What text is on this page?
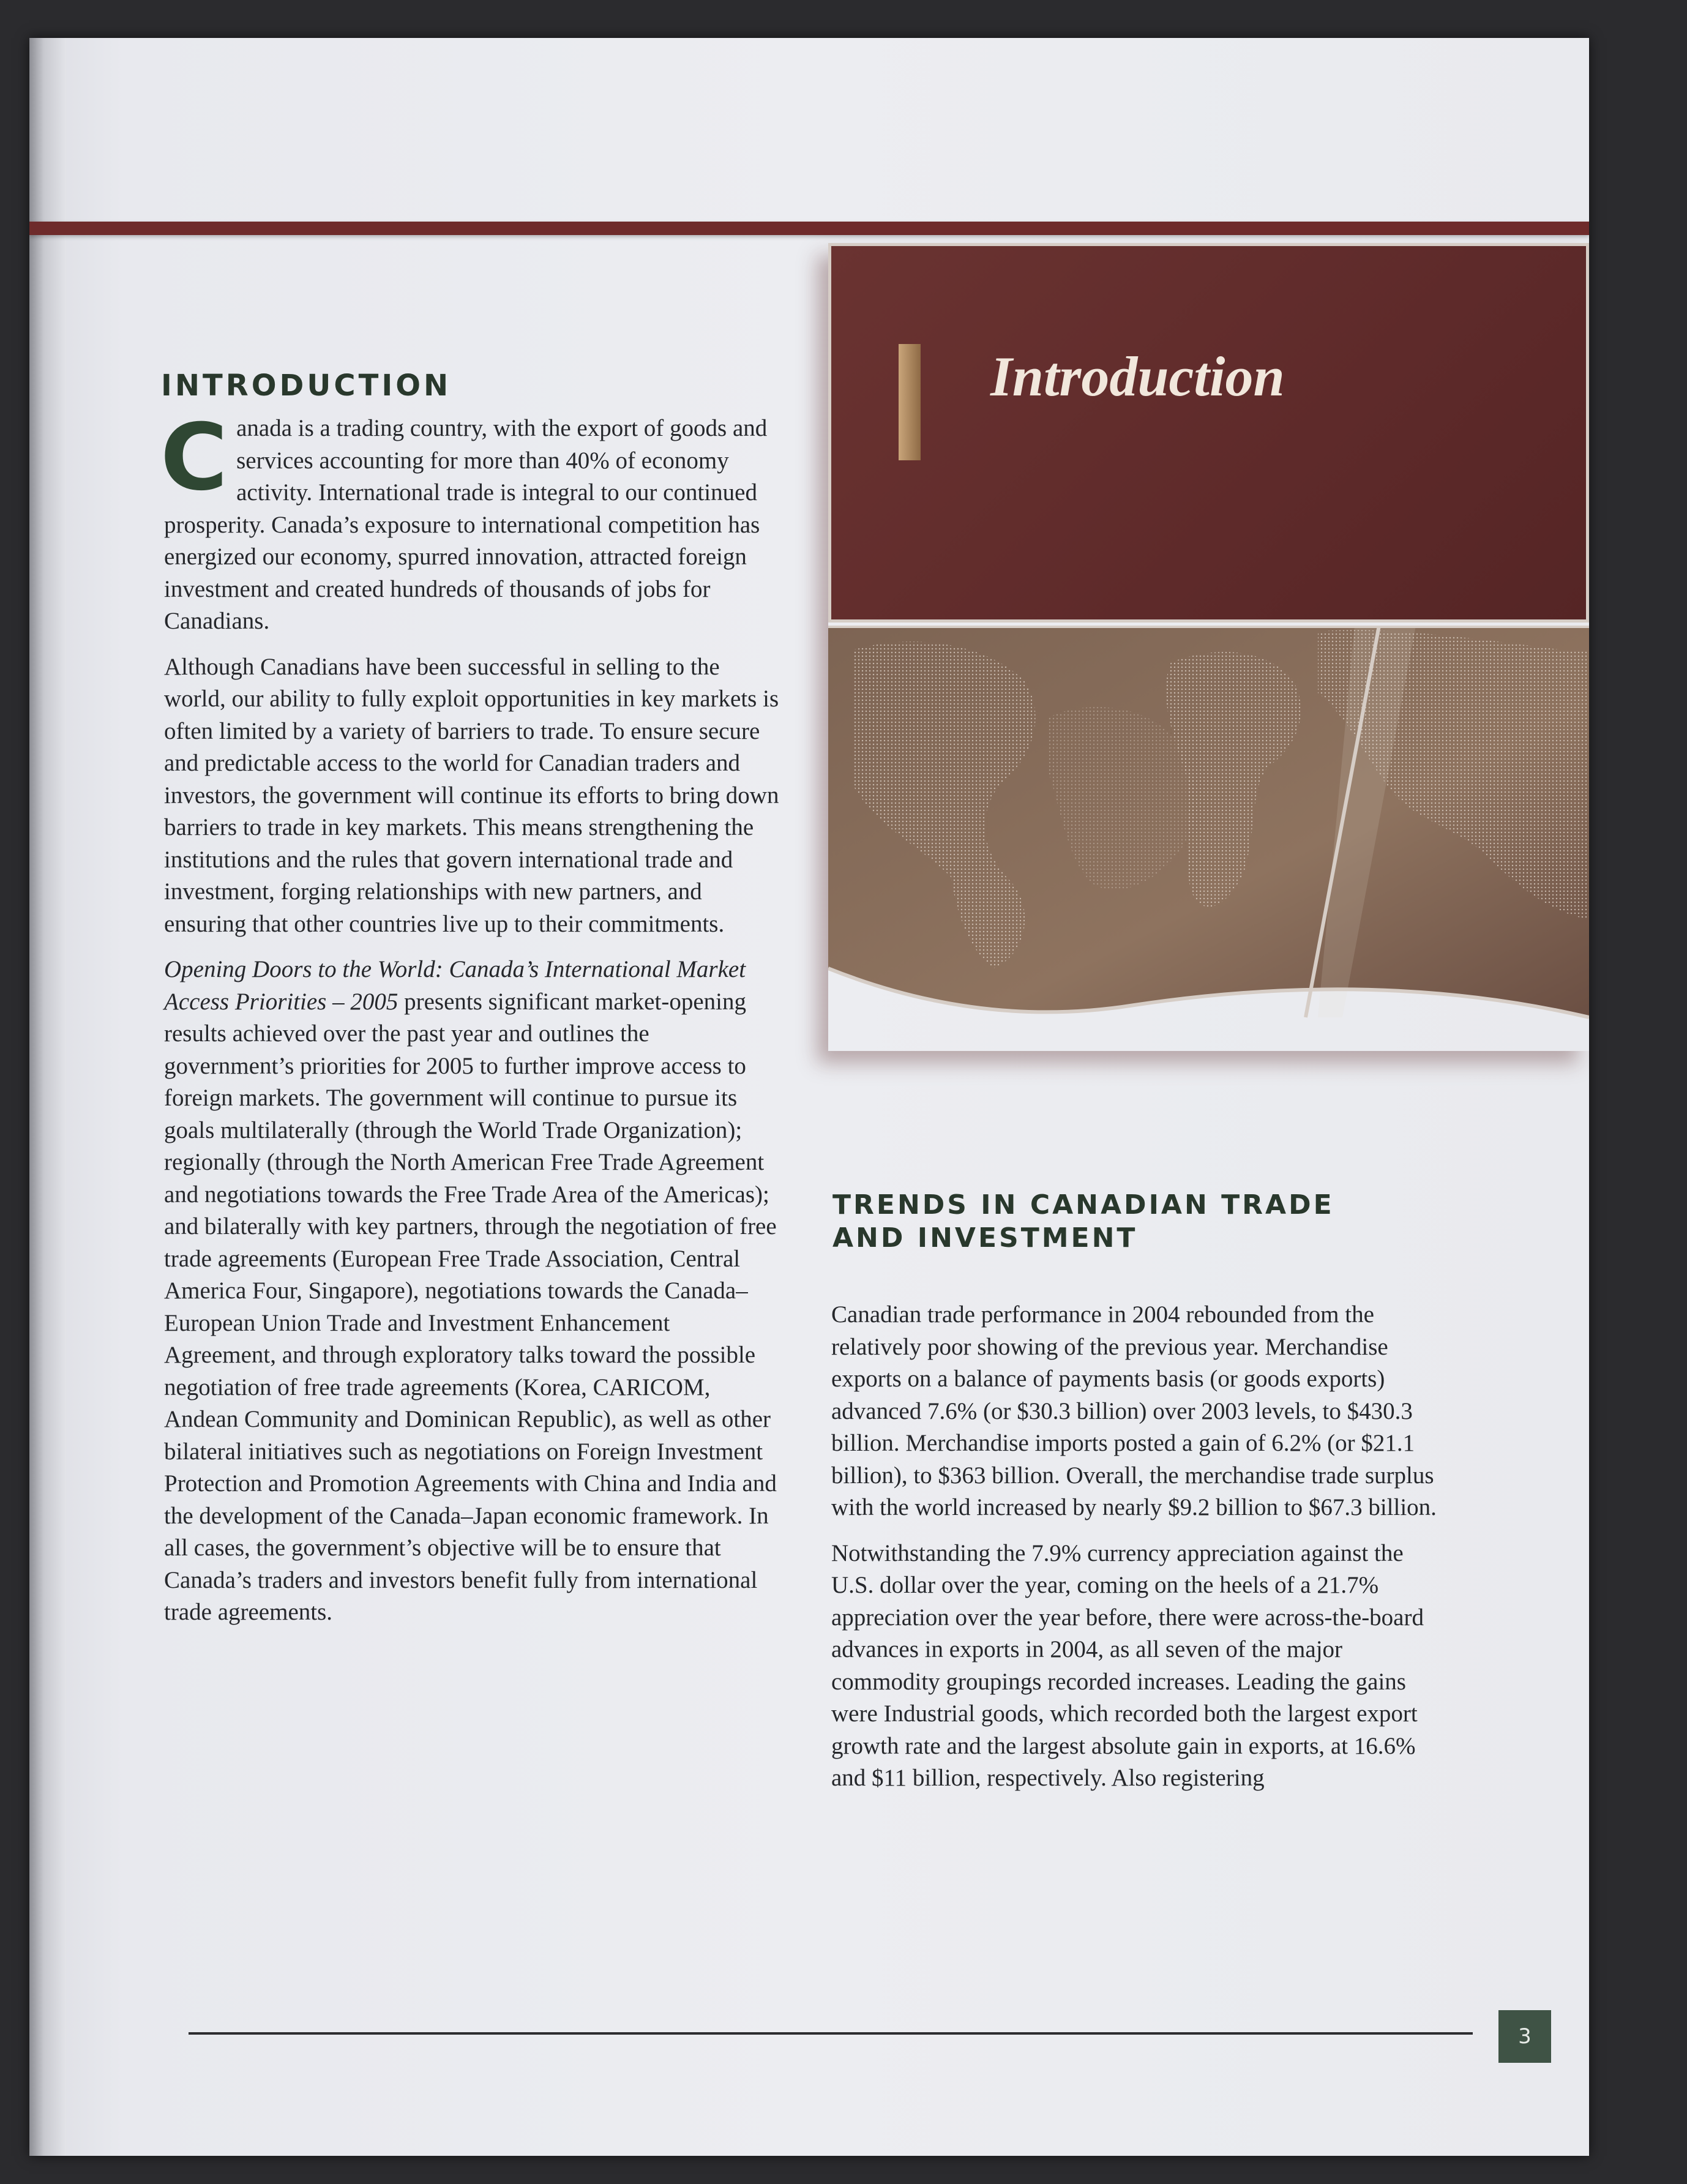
Introduction
INTRODUCTION

Canada is a trading country, with the export of goods and services accounting for more than 40% of economy activity. International trade is integral to our continued prosperity. Canada’s exposure to international competition has energized our economy, spurred innovation, attracted foreign investment and created hundreds of thousands of jobs for Canadians.

Although Canadians have been successful in selling to the world, our ability to fully exploit opportunities in key markets is often limited by a variety of barriers to trade. To ensure secure and predictable access to the world for Canadian traders and investors, the government will continue its efforts to bring down barriers to trade in key markets. This means strengthening the institutions and the rules that govern international trade and investment, forging relationships with new partners, and ensuring that other countries live up to their commitments.

Opening Doors to the World: Canada’s International Market Access Priorities – 2005 presents significant market-opening results achieved over the past year and outlines the government’s priorities for 2005 to further improve access to foreign markets. The government will continue to pursue its goals multilaterally (through the World Trade Organization); regionally (through the North American Free Trade Agreement and negotiations towards the Free Trade Area of the Americas); and bilaterally with key partners, through the negotiation of free trade agreements (European Free Trade Association, Central America Four, Singapore), negotiations towards the Canada–European Union Trade and Investment Enhancement Agreement, and through exploratory talks toward the possible negotiation of free trade agreements (Korea, CARICOM, Andean Community and Dominican Republic), as well as other bilateral initiatives such as negotiations on Foreign Investment Protection and Promotion Agreements with China and India and the development of the Canada–Japan economic framework. In all cases, the government’s objective will be to ensure that Canada’s traders and investors benefit fully from international trade agreements.

TRENDS IN CANADIAN TRADE
AND INVESTMENT

Canadian trade performance in 2004 rebounded from the relatively poor showing of the previous year. Merchandise exports on a balance of payments basis (or goods exports) advanced 7.6% (or $30.3 billion) over 2003 levels, to $430.3 billion. Merchandise imports posted a gain of 6.2% (or $21.1 billion), to $363 billion. Overall, the merchandise trade surplus with the world increased by nearly $9.2 billion to $67.3 billion.

Notwithstanding the 7.9% currency appreciation against the U.S. dollar over the year, coming on the heels of a 21.7% appreciation over the year before, there were across-the-board advances in exports in 2004, as all seven of the major commodity groupings recorded increases. Leading the gains were Industrial goods, which recorded both the largest export growth rate and the largest absolute gain in exports, at 16.6% and $11 billion, respectively. Also registering

3
